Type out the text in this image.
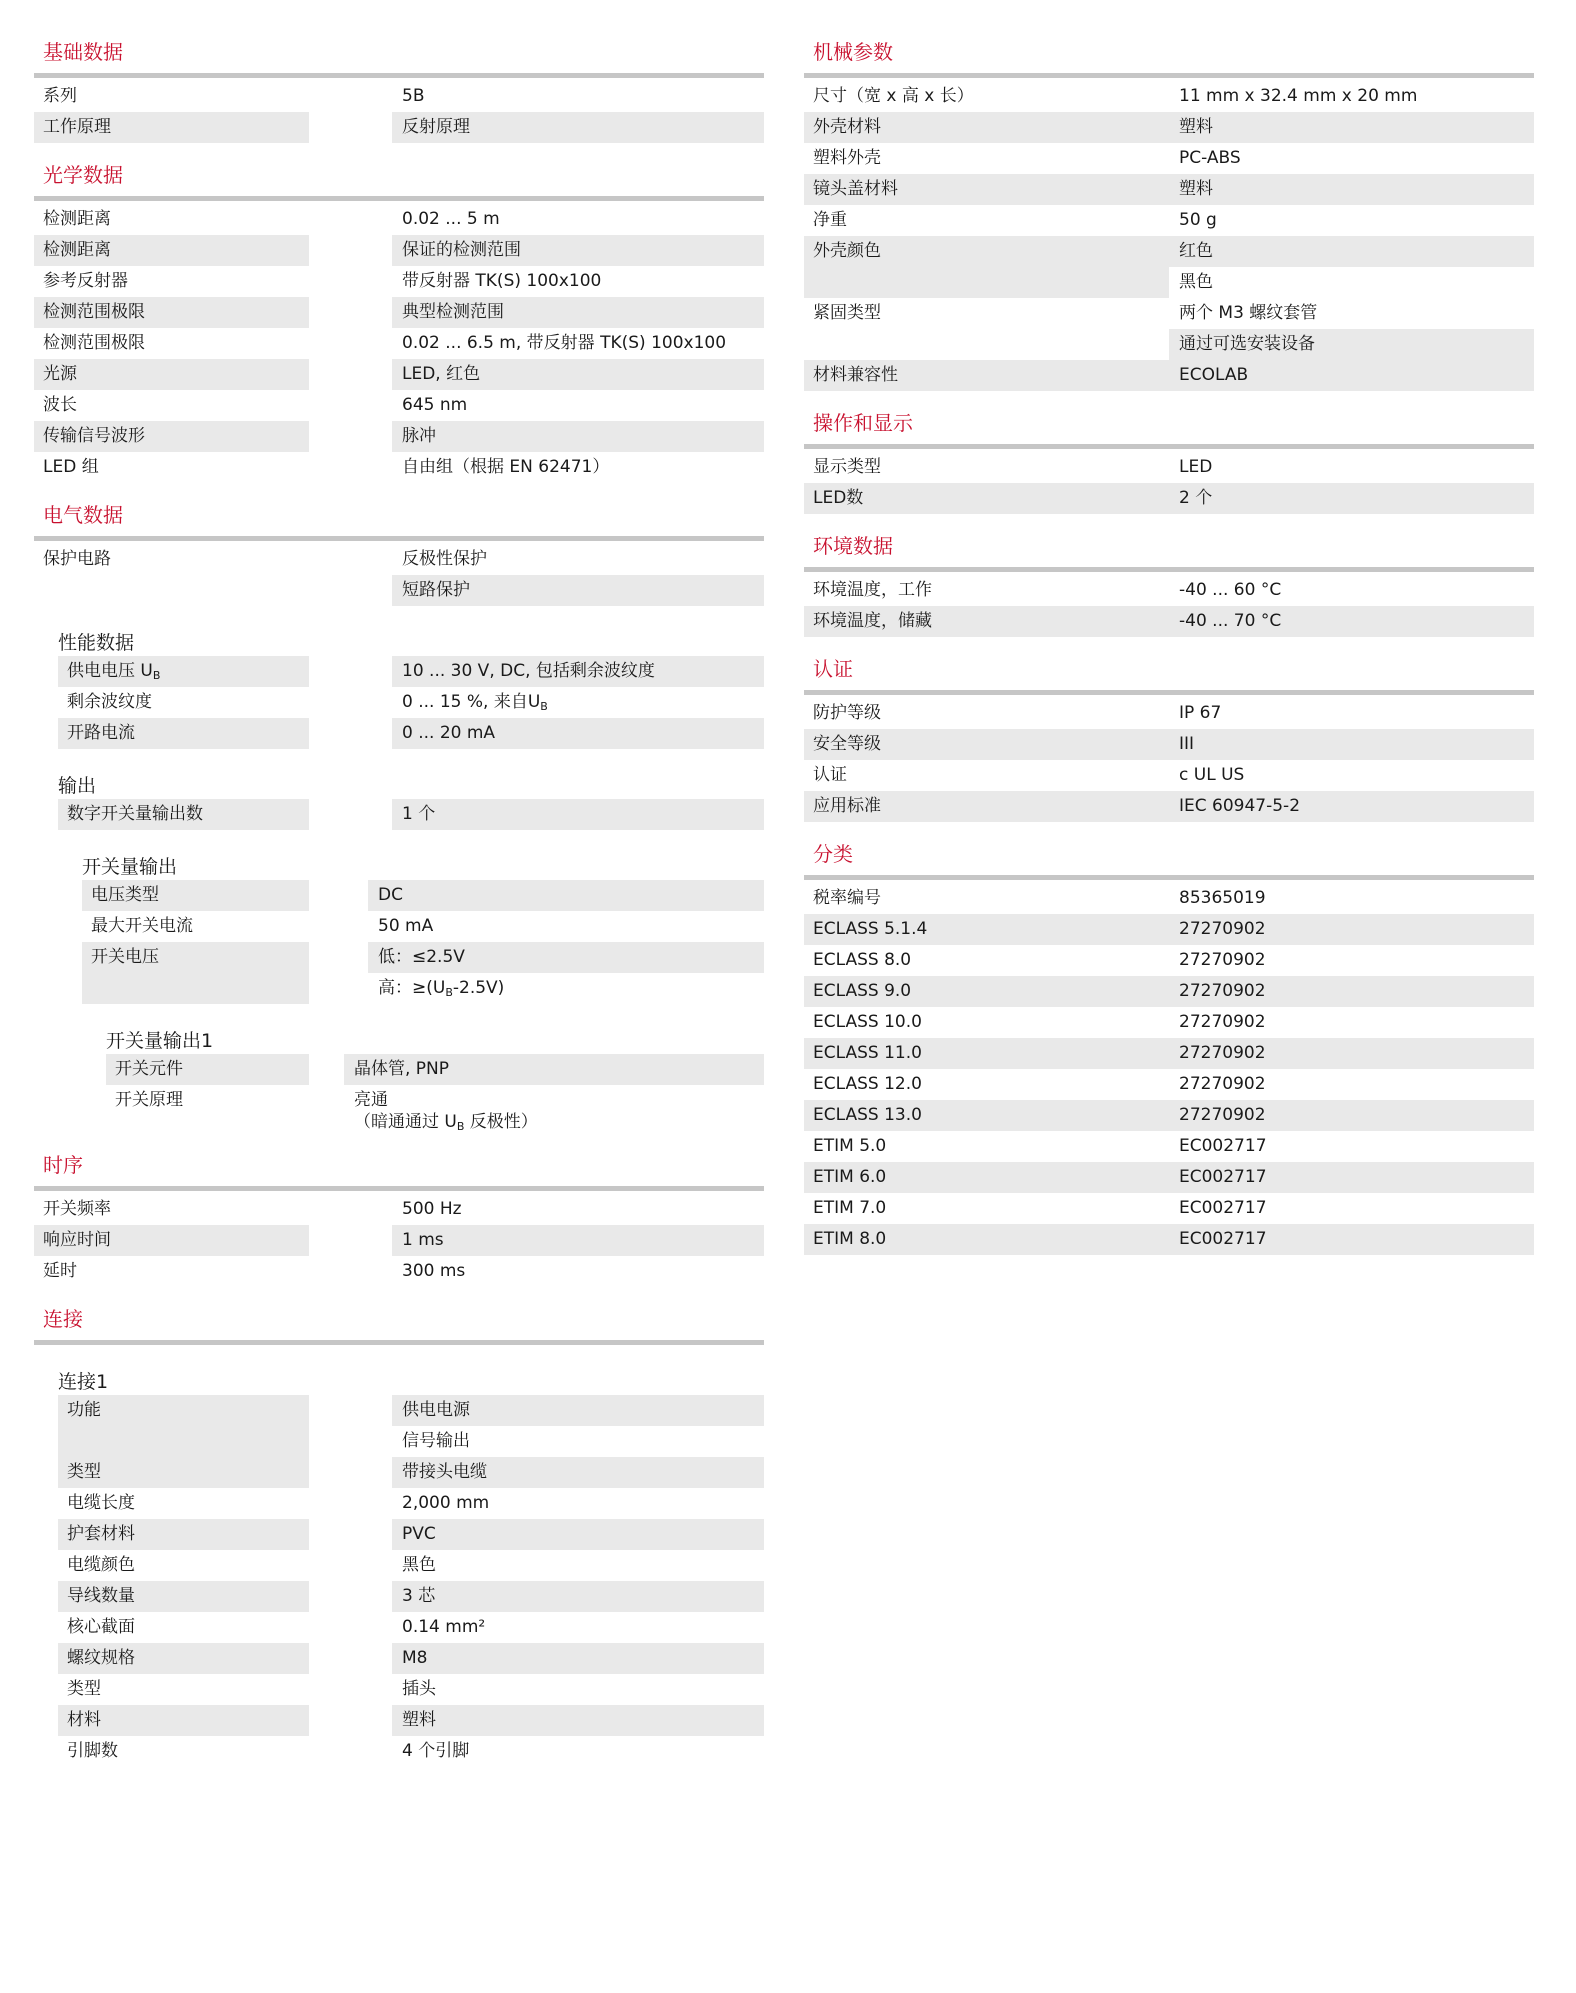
基础数据
系列	5B
工作原理	反射原理
光学数据
检测距离	0.02 ... 5 m
检测距离	保证的检测范围
参考反射器	带反射器 TK(S) 100x100
检测范围极限	典型检测范围
检测范围极限	0.02 ... 6.5 m, 带反射器 TK(S) 100x100
光源	LED, 红色
波长	645 nm
传输信号波形	脉冲
LED 组	自由组（根据 EN 62471）
电气数据
保护电路	反极性保护
短路保护
性能数据
供电电压 $U_B$	10 ... 30 V, DC, 包括剩余波纹度
剩余波纹度	0 ... 15 %, 来自$U_B$
开路电流	0 ... 20 mA
输出
数字开关量输出数	1 个
开关量输出
电压类型	DC
最大开关电流	50 mA
开关电压	低：≤2.5V
高：$\ge(U_B-2.5V)$
开关量输出1
开关元件	晶体管, PNP
开关原理	亮通
（暗通通过 $U_B$ 反极性）
时序
开关频率	500 Hz
响应时间	1 ms
延时	300 ms
连接
连接1
功能	供电电源
信号输出
类型	带接头电缆
电缆长度	2,000 mm
护套材料	PVC
电缆颜色	黑色
导线数量	3 芯
核心截面	0.14 mm²
螺纹规格	M8
类型	插头
材料	塑料
引脚数	4 个引脚
机械参数
尺寸（宽 x 高 x 长）	11 mm x 32.4 mm x 20 mm
外壳材料	塑料
塑料外壳	PC-ABS
镜头盖材料	塑料
净重	50 g
外壳颜色	红色
黑色
紧固类型	两个 M3 螺纹套管
通过可选安装设备
材料兼容性	ECOLAB
操作和显示
显示类型	LED
LED数	2 个
环境数据
环境温度，工作	-40 ... 60 °C
环境温度，储藏	-40 ... 70 °C
认证
防护等级	IP 67
安全等级	III
认证	c UL US
应用标准	IEC 60947-5-2
分类
税率编号	85365019
ECLASS 5.1.4	27270902
ECLASS 8.0	27270902
ECLASS 9.0	27270902
ECLASS 10.0	27270902
ECLASS 11.0	27270902
ECLASS 12.0	27270902
ECLASS 13.0	27270902
ETIM 5.0	EC002717
ETIM 6.0	EC002717
ETIM 7.0	EC002717
ETIM 8.0	EC002717
